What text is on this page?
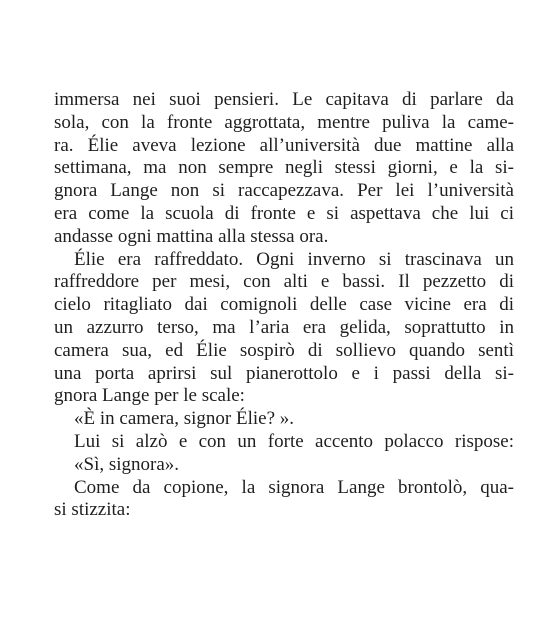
immersa nei suoi pensieri. Le capitava di parlare da
sola, con la fronte aggrottata, mentre puliva la came-
ra. Élie aveva lezione all’università due mattine alla
settimana, ma non sempre negli stessi giorni, e la si-
gnora Lange non si raccapezzava. Per lei l’università
era come la scuola di fronte e si aspettava che lui ci
andasse ogni mattina alla stessa ora.
Élie era raffreddato. Ogni inverno si trascinava un
raffreddore per mesi, con alti e bassi. Il pezzetto di
cielo ritagliato dai comignoli delle case vicine era di
un azzurro terso, ma l’aria era gelida, soprattutto in
camera sua, ed Élie sospirò di sollievo quando sentì
una porta aprirsi sul pianerottolo e i passi della si-
gnora Lange per le scale:
«È in camera, signor Élie? ».
Lui si alzò e con un forte accento polacco rispose:
«Sì, signora».
Come da copione, la signora Lange brontolò, qua-
si stizzita:
